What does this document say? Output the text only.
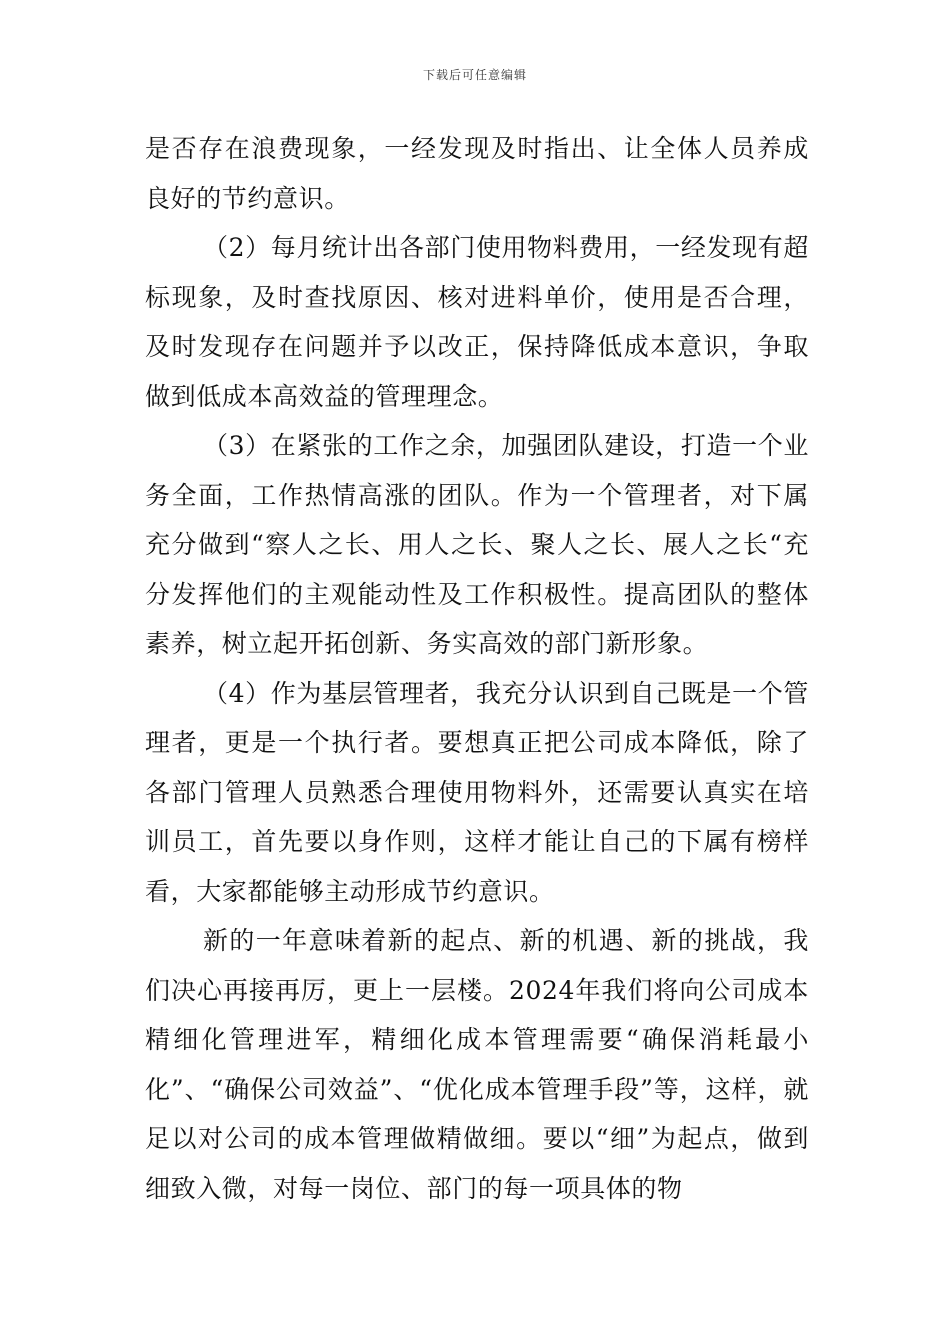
下载后可任意编辑

是否存在浪费现象，一经发现及时指出、让全体人员养成良好的节约意识。

（2）每月统计出各部门使用物料费用，一经发现有超标现象，及时查找原因、核对进料单价，使用是否合理，及时发现存在问题并予以改正，保持降低成本意识，争取做到低成本高效益的管理理念。

（3）在紧张的工作之余，加强团队建设，打造一个业务全面，工作热情高涨的团队。作为一个管理者，对下属充分做到“察人之长、用人之长、聚人之长、展人之长“充分发挥他们的主观能动性及工作积极性。提高团队的整体素养，树立起开拓创新、务实高效的部门新形象。

（4）作为基层管理者，我充分认识到自己既是一个管理者，更是一个执行者。要想真正把公司成本降低，除了各部门管理人员熟悉合理使用物料外，还需要认真实在培训员工，首先要以身作则，这样才能让自己的下属有榜样看，大家都能够主动形成节约意识。

新的一年意味着新的起点、新的机遇、新的挑战，我们决心再接再厉，更上一层楼。2024年我们将向公司成本精细化管理进军，精细化成本管理需要“确保消耗最小化”、“确保公司效益”、“优化成本管理手段”等，这样，就足以对公司的成本管理做精做细。要以“细”为起点，做到细致入微，对每一岗位、部门的每一项具体的物
